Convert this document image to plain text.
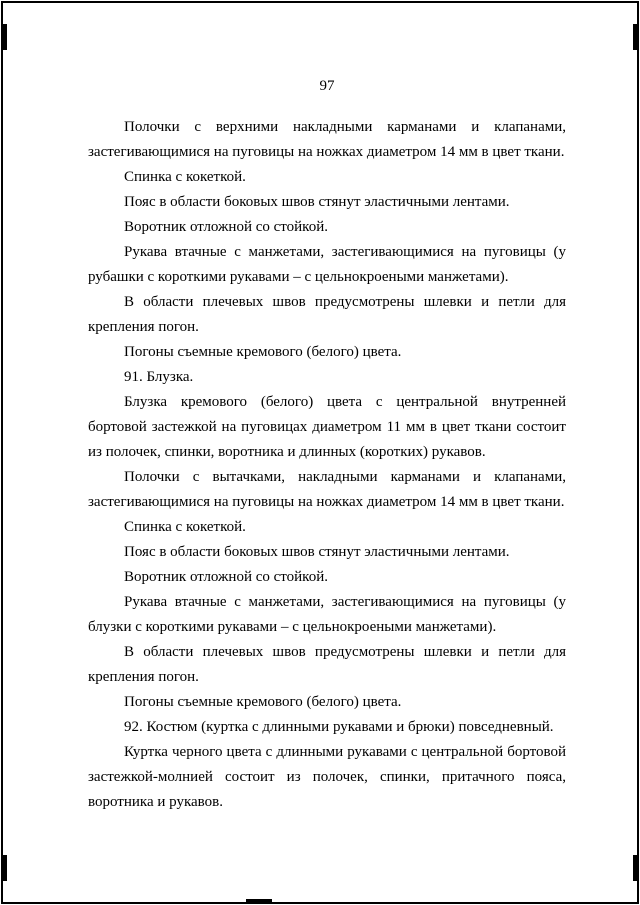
97

Полочки с верхними накладными карманами и клапанами, застегивающимися на пуговицы на ножках диаметром 14 мм в цвет ткани.

Спинка с кокеткой.

Пояс в области боковых швов стянут эластичными лентами.

Воротник отложной со стойкой.

Рукава втачные с манжетами, застегивающимися на пуговицы (у рубашки с короткими рукавами – с цельнокроеными манжетами).

В области плечевых швов предусмотрены шлевки и петли для крепления погон.

Погоны съемные кремового (белого) цвета.

91. Блузка.

Блузка кремового (белого) цвета с центральной внутренней бортовой застежкой на пуговицах диаметром 11 мм в цвет ткани состоит из полочек, спинки, воротника и длинных (коротких) рукавов.

Полочки с вытачками, накладными карманами и клапанами, застегивающимися на пуговицы на ножках диаметром 14 мм в цвет ткани.

Спинка с кокеткой.

Пояс в области боковых швов стянут эластичными лентами.

Воротник отложной со стойкой.

Рукава втачные с манжетами, застегивающимися на пуговицы (у блузки с короткими рукавами – с цельнокроеными манжетами).

В области плечевых швов предусмотрены шлевки и петли для крепления погон.

Погоны съемные кремового (белого) цвета.

92. Костюм (куртка с длинными рукавами и брюки) повседневный.

Куртка черного цвета с длинными рукавами с центральной бортовой застежкой-молнией состоит из полочек, спинки, притачного пояса, воротника и рукавов.
